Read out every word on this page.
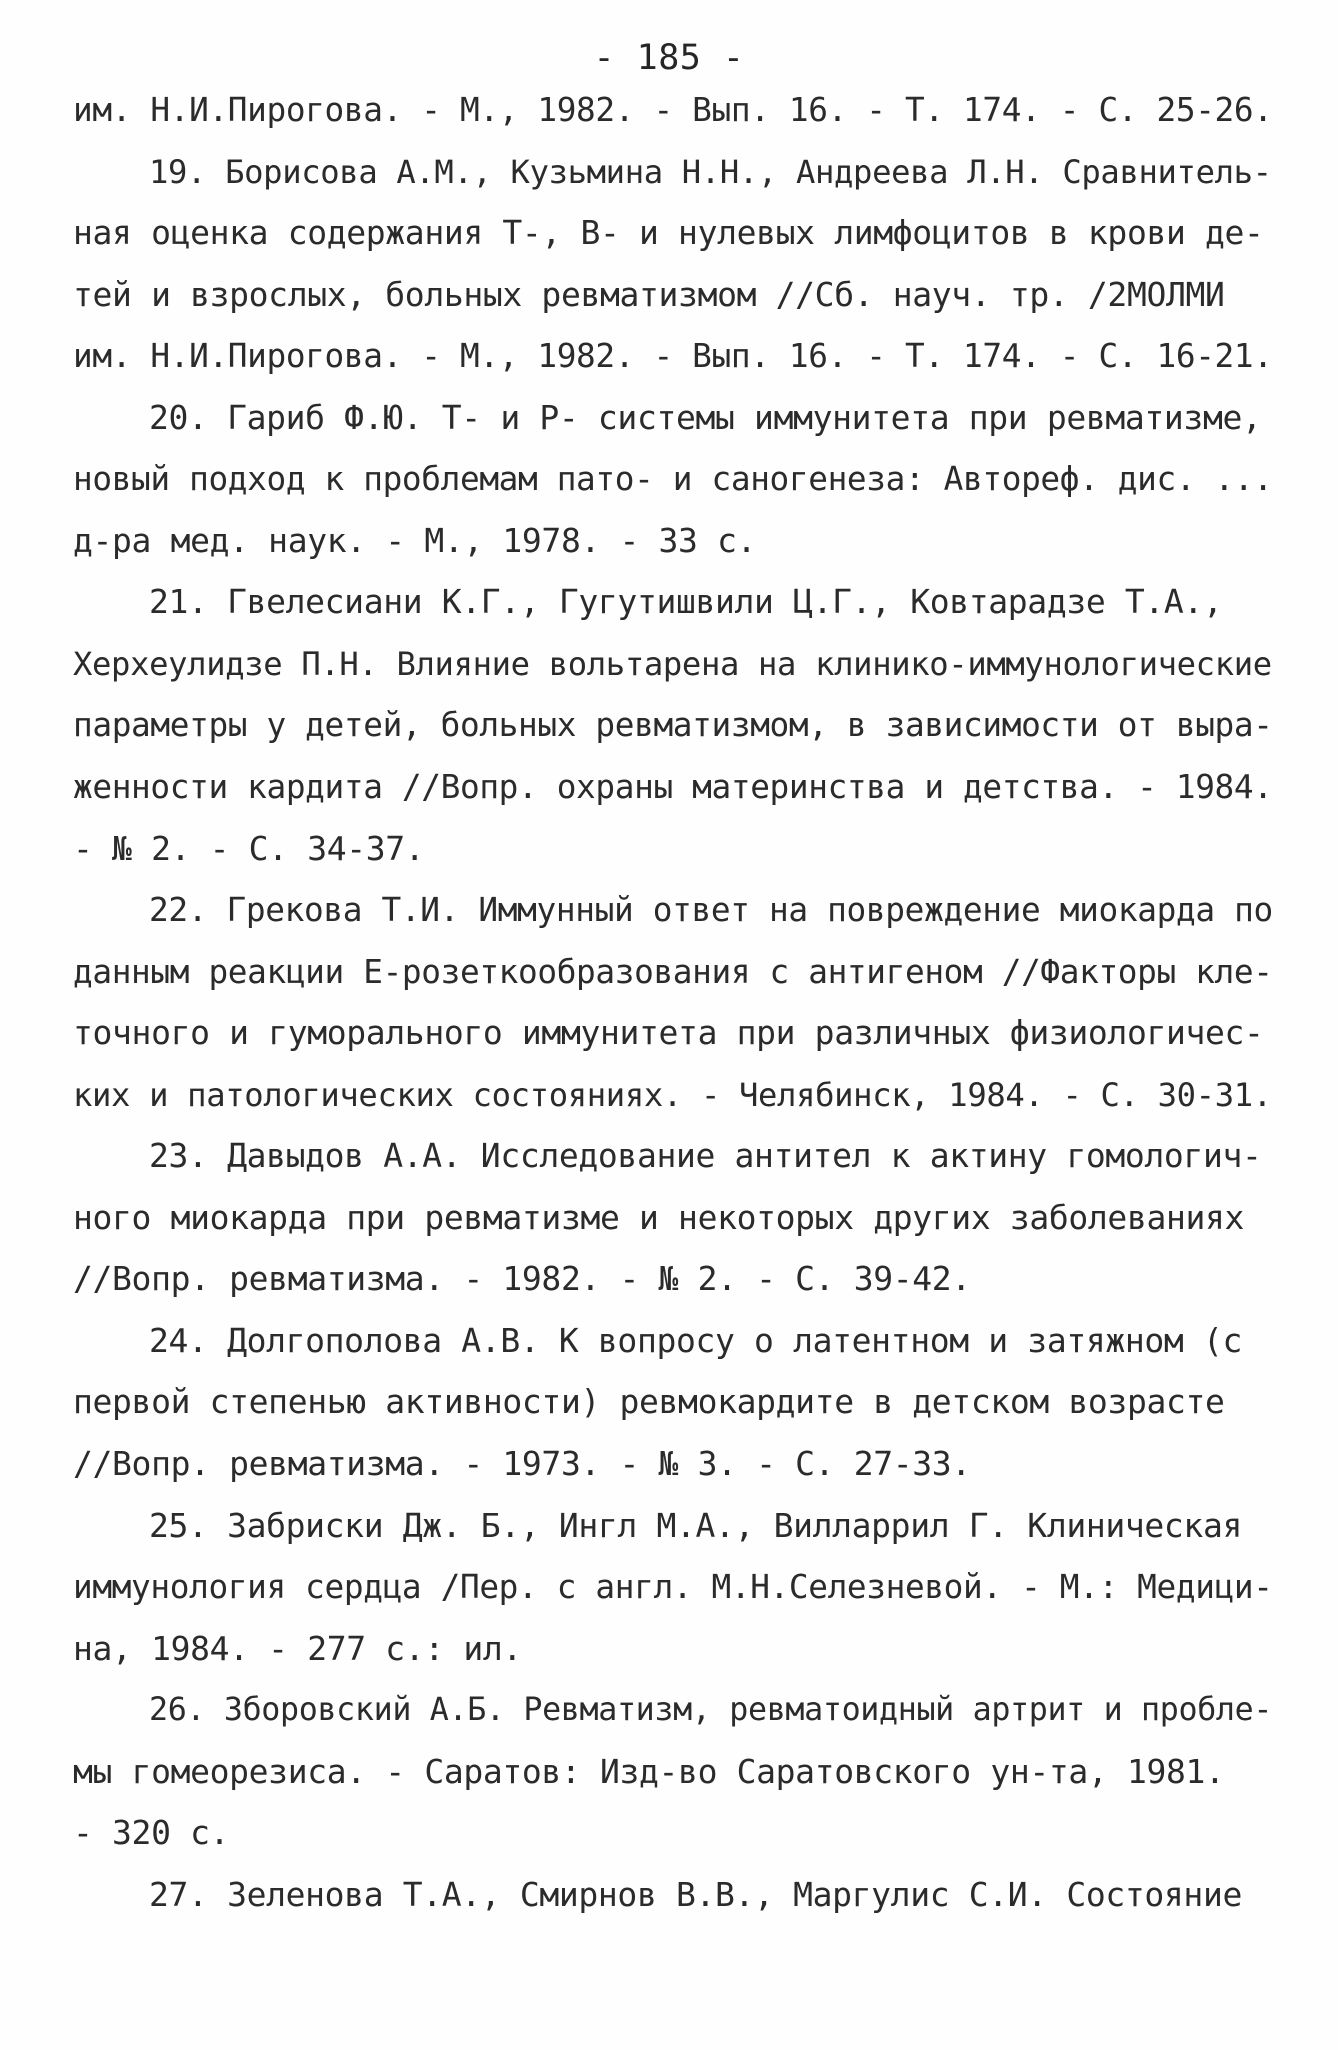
- 185 -
им. Н.И.Пирогова. - М., 1982. - Вып. 16. - Т. 174. - С. 25-26.
19. Борисова А.М., Кузьмина Н.Н., Андреева Л.Н. Сравнитель-
ная оценка содержания Т-, В- и нулевых лимфоцитов в крови де-
тей и взрослых, больных ревматизмом //Сб. науч. тр. /2МОЛМИ
им. Н.И.Пирогова. - М., 1982. - Вып. 16. - Т. 174. - С. 16-21.
20. Гариб Ф.Ю. Т- и Р- системы иммунитета при ревматизме,
новый подход к проблемам пато- и саногенеза: Автореф. дис. ...
д-ра мед. наук. - М., 1978. - 33 с.
21. Гвелесиани К.Г., Гугутишвили Ц.Г., Ковтарадзе Т.А.,
Херхеулидзе П.Н. Влияние вольтарена на клинико-иммунологические
параметры у детей, больных ревматизмом, в зависимости от выра-
женности кардита //Вопр. охраны материнства и детства. - 1984.
- № 2. - С. 34-37.
22. Грекова Т.И. Иммунный ответ на повреждение миокарда по
данным реакции Е-розеткообразования с антигеном //Факторы кле-
точного и гуморального иммунитета при различных физиологичес-
ких и патологических состояниях. - Челябинск, 1984. - С. 30-31.
23. Давыдов А.А. Исследование антител к актину гомологич-
ного миокарда при ревматизме и некоторых других заболеваниях
//Вопр. ревматизма. - 1982. - № 2. - С. 39-42.
24. Долгополова А.В. К вопросу о латентном и затяжном (с
первой степенью активности) ревмокардите в детском возрасте
//Вопр. ревматизма. - 1973. - № 3. - С. 27-33.
25. Забриски Дж. Б., Ингл М.А., Вилларрил Г. Клиническая
иммунология сердца /Пер. с англ. М.Н.Селезневой. - М.: Медици-
на, 1984. - 277 с.: ил.
26. Зборовский А.Б. Ревматизм, ревматоидный артрит и пробле-
мы гомеорезиса. - Саратов: Изд-во Саратовского ун-та, 1981.
- 320 с.
27. Зеленова Т.А., Смирнов В.В., Маргулис С.И. Состояние
